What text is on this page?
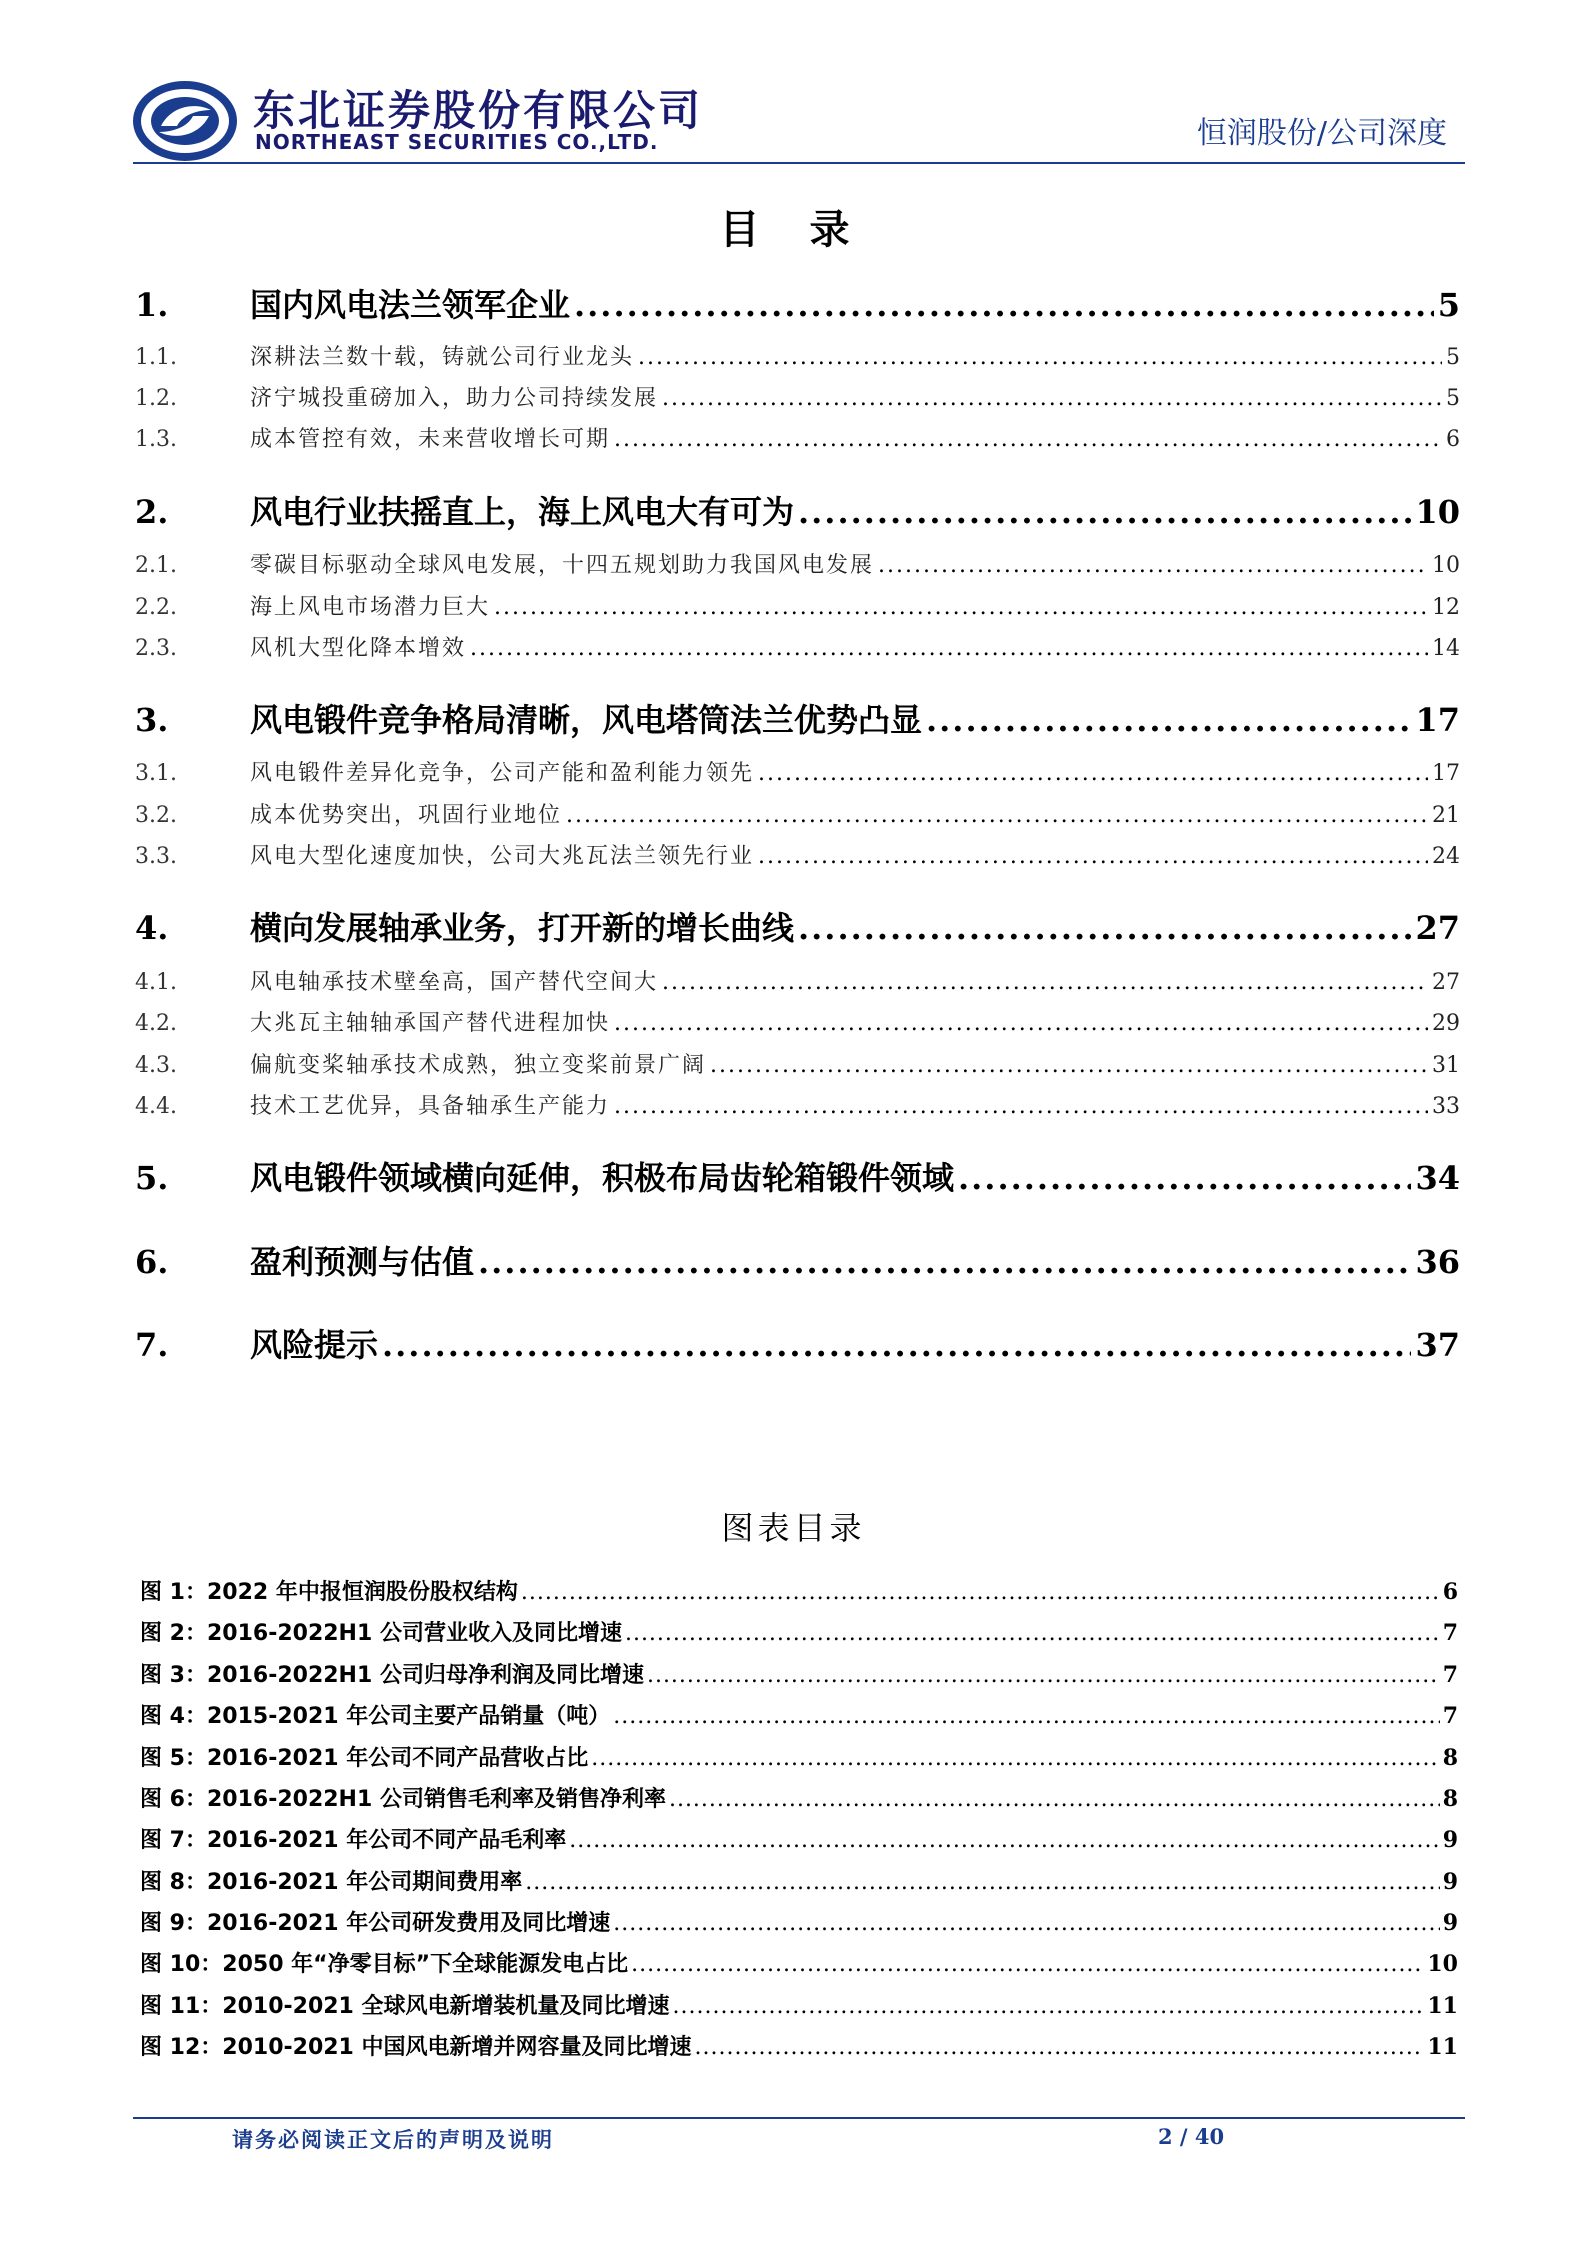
东北证券股份有限公司
NORTHEAST SECURITIES CO.,LTD.	恒润股份/公司深度
目 录
1.	国内风电法兰领军企业 .....	5
1.1.	深耕法兰数十载，铸就公司行业龙头 .....	5
1.2.	济宁城投重磅加入，助力公司持续发展 .....	5
1.3.	成本管控有效，未来营收增长可期 .....	6
2.	风电行业扶摇直上，海上风电大有可为 .....	10
2.1.	零碳目标驱动全球风电发展，十四五规划助力我国风电发展 .....	10
2.2.	海上风电市场潜力巨大 .....	12
2.3.	风机大型化降本增效 .....	14
3.	风电锻件竞争格局清晰，风电塔筒法兰优势凸显 .....	17
3.1.	风电锻件差异化竞争，公司产能和盈利能力领先 .....	17
3.2.	成本优势突出，巩固行业地位 .....	21
3.3.	风电大型化速度加快，公司大兆瓦法兰领先行业 .....	24
4.	横向发展轴承业务，打开新的增长曲线 .....	27
4.1.	风电轴承技术壁垒高，国产替代空间大 .....	27
4.2.	大兆瓦主轴轴承国产替代进程加快 .....	29
4.3.	偏航变桨轴承技术成熟，独立变桨前景广阔 .....	31
4.4.	技术工艺优异，具备轴承生产能力 .....	33
5.	风电锻件领域横向延伸，积极布局齿轮箱锻件领域 .....	34
6.	盈利预测与估值 .....	36
7.	风险提示 .....	37
图表目录
图 1：2022 年中报恒润股份股权结构 .....	6
图 2：2016-2022H1 公司营业收入及同比增速 .....	7
图 3：2016-2022H1 公司归母净利润及同比增速 .....	7
图 4：2015-2021 年公司主要产品销量（吨） .....	7
图 5：2016-2021 年公司不同产品营收占比 .....	8
图 6：2016-2022H1 公司销售毛利率及销售净利率 .....	8
图 7：2016-2021 年公司不同产品毛利率 .....	9
图 8：2016-2021 年公司期间费用率 .....	9
图 9：2016-2021 年公司研发费用及同比增速 .....	9
图 10：2050 年“净零目标”下全球能源发电占比 .....	10
图 11：2010-2021 全球风电新增装机量及同比增速 .....	11
图 12：2010-2021 中国风电新增并网容量及同比增速 .....	11
请务必阅读正文后的声明及说明	2 / 40
